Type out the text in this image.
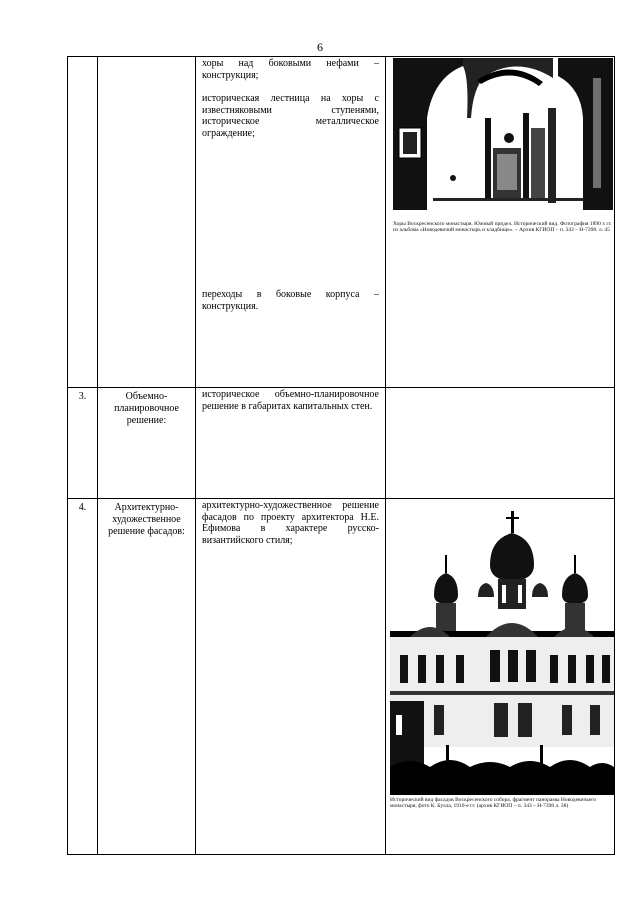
6

		хоры над боковыми нефами – конструкция;

историческая лестница на хоры с известняковыми ступенями, историческое металлическое ограждение;

переходы в боковые корпуса – конструкция.	Хоры Воскресенского монастыря. Южный придел. Исторический вид. Фотография 1890 х гг. из альбома «Новодевичий монастырь и кладбище». – Архив КГИОП – п. 343 – Н-7398. л. 45

3.	Объемно-планировочное решение:	историческое объемно-планировочное решение в габаритах капитальных стен.	

4.	Архитектурно-художественное решение фасадов:	архитектурно-художественное решение фасадов по проекту архитектора Н.Е. Ефимова в характере русско-византийского стиля;	Исторический вид фасадов Воскресенского собора, фрагмент панорамы Новодевичьего монастыря, фото К. Булла, 1910-е гг. (архив КГИОП – п. 343 – Н-7398 л. 38)
